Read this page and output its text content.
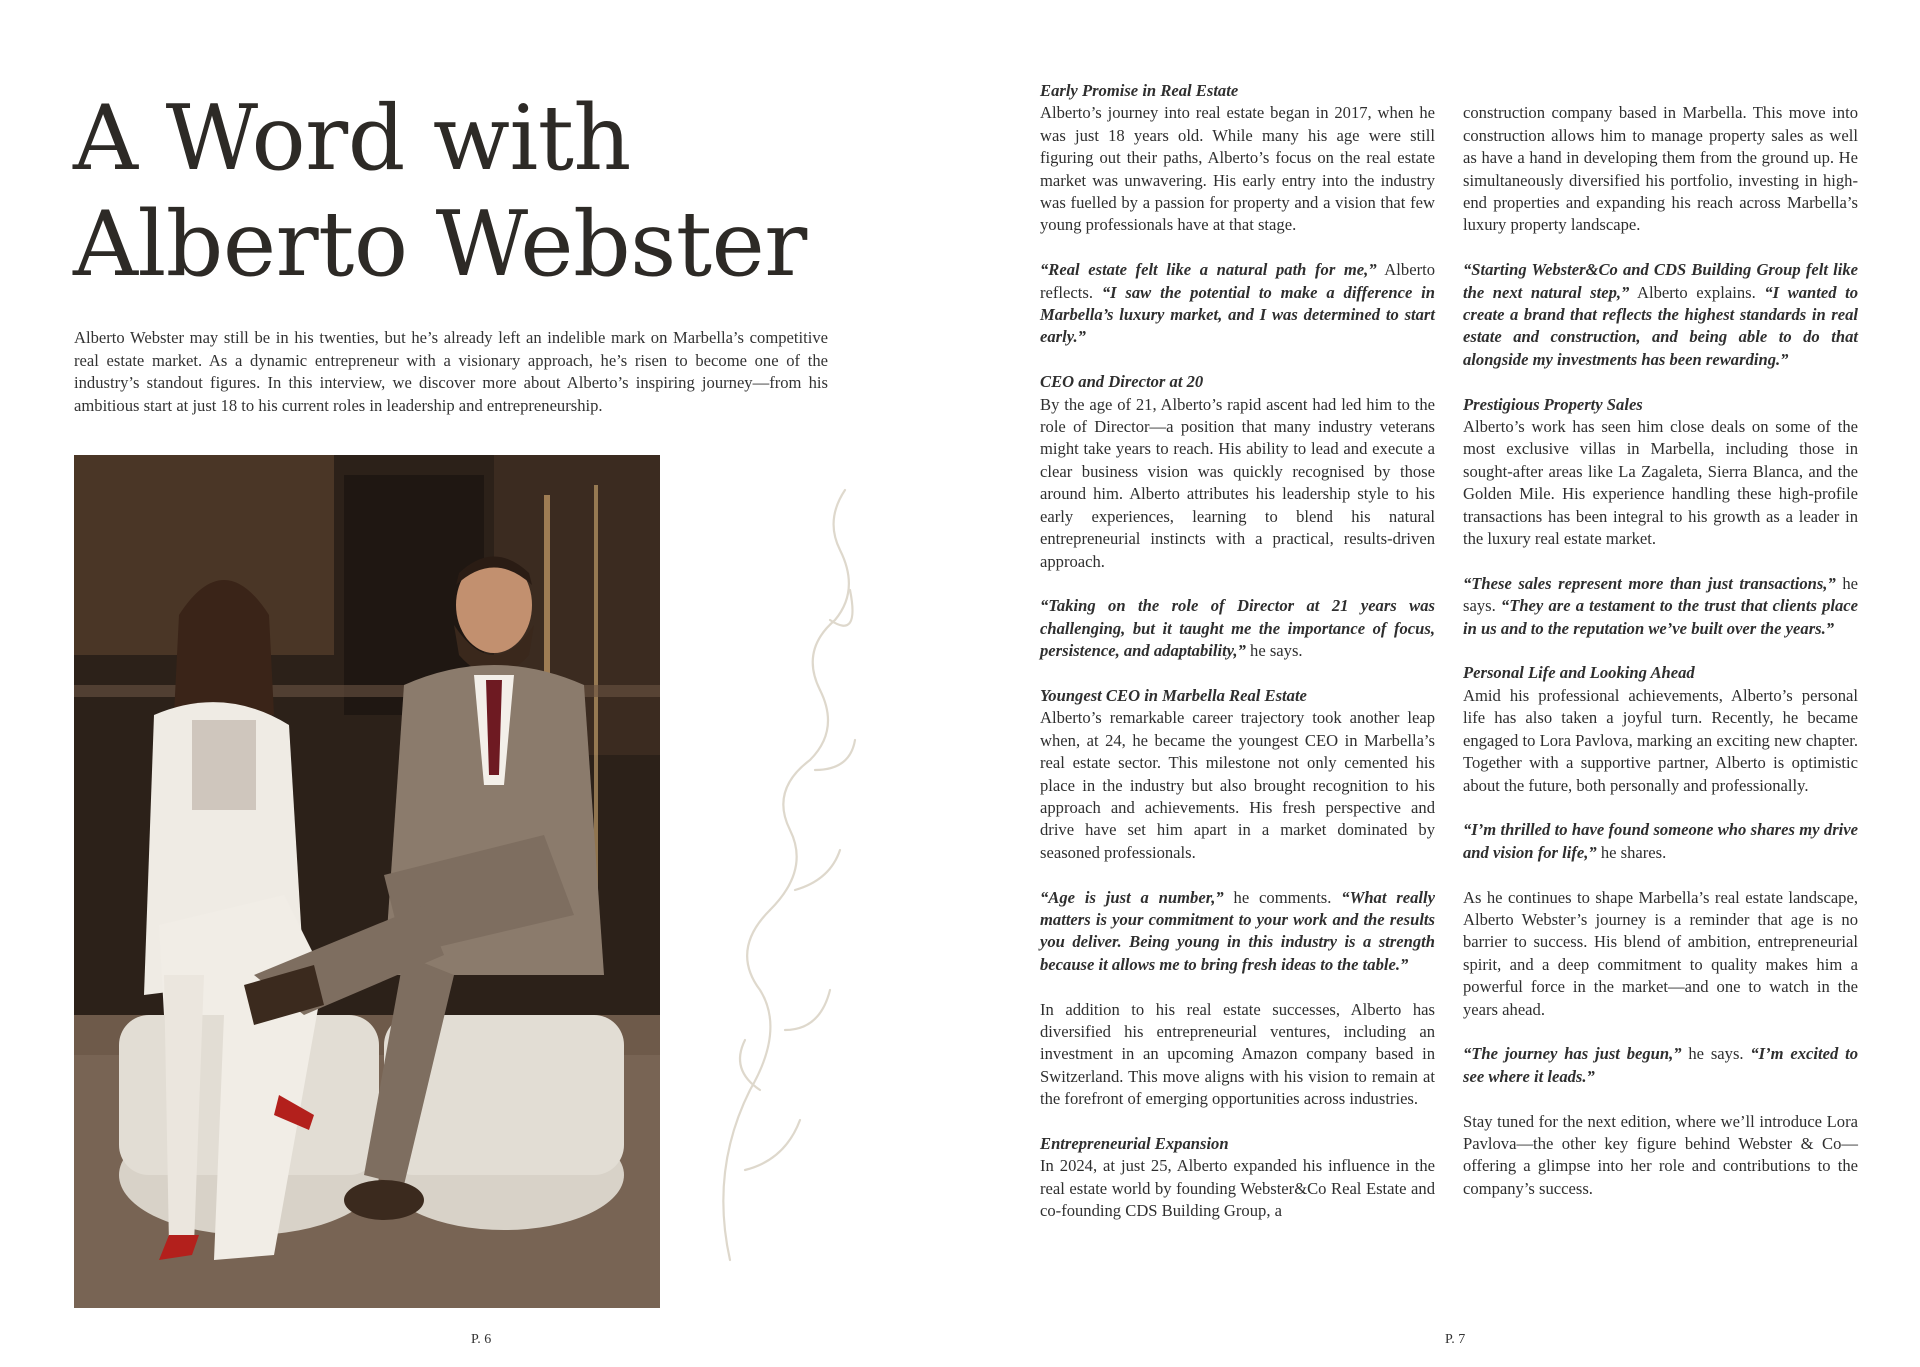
A Word with
Alberto Webster

Alberto Webster may still be in his twenties, but he’s already left an indelible mark on Marbella’s competitive real estate market. As a dynamic entrepreneur with a visionary approach, he’s risen to become one of the industry’s standout figures. In this interview, we discover more about Alberto’s inspiring journey—from his ambitious start at just 18 to his current roles in leadership and entrepreneurship.

P. 6
Early Promise in Real Estate

Alberto’s journey into real estate began in 2017, when he was just 18 years old. While many his age were still figuring out their paths, Alberto’s focus on the real estate market was unwavering. His early entry into the industry was fuelled by a passion for property and a vision that few young professionals have at that stage.

“Real estate felt like a natural path for me,” Alberto reflects. “I saw the potential to make a difference in Marbella’s luxury market, and I was determined to start early.”

CEO and Director at 20

By the age of 21, Alberto’s rapid ascent had led him to the role of Director—a position that many industry veterans might take years to reach. His ability to lead and execute a clear business vision was quickly recognised by those around him. Alberto attributes his leadership style to his early experiences, learning to blend his natural entrepreneurial instincts with a practical, results-driven approach.

“Taking on the role of Director at 21 years was challenging, but it taught me the importance of focus, persistence, and adaptability,” he says.

Youngest CEO in Marbella Real Estate

Alberto’s remarkable career trajectory took another leap when, at 24, he became the youngest CEO in Marbella’s real estate sector. This milestone not only cemented his place in the industry but also brought recognition to his approach and achievements. His fresh perspective and drive have set him apart in a market dominated by seasoned professionals.

“Age is just a number,” he comments. “What really matters is your commitment to your work and the results you deliver. Being young in this industry is a strength because it allows me to bring fresh ideas to the table.”

In addition to his real estate successes, Alberto has diversified his entrepreneurial ventures, including an investment in an upcoming Amazon company based in Switzerland. This move aligns with his vision to remain at the forefront of emerging opportunities across industries.

Entrepreneurial Expansion

In 2024, at just 25, Alberto expanded his influence in the real estate world by founding Webster&Co Real Estate and co-founding CDS Building Group, a

construction company based in Marbella. This move into construction allows him to manage property sales as well as have a hand in developing them from the ground up. He simultaneously diversified his portfolio, investing in high-end properties and expanding his reach across Marbella’s luxury property landscape.

“Starting Webster&Co and CDS Building Group felt like the next natural step,” Alberto explains. “I wanted to create a brand that reflects the highest standards in real estate and construction, and being able to do that alongside my investments has been rewarding.”

Prestigious Property Sales

Alberto’s work has seen him close deals on some of the most exclusive villas in Marbella, including those in sought-after areas like La Zagaleta, Sierra Blanca, and the Golden Mile. His experience handling these high-profile transactions has been integral to his growth as a leader in the luxury real estate market.

“These sales represent more than just transactions,” he says. “They are a testament to the trust that clients place in us and to the reputation we’ve built over the years.”

Personal Life and Looking Ahead

Amid his professional achievements, Alberto’s personal life has also taken a joyful turn. Recently, he became engaged to Lora Pavlova, marking an exciting new chapter. Together with a supportive partner, Alberto is optimistic about the future, both personally and professionally.

“I’m thrilled to have found someone who shares my drive and vision for life,” he shares.

As he continues to shape Marbella’s real estate landscape, Alberto Webster’s journey is a reminder that age is no barrier to success. His blend of ambition, entrepreneurial spirit, and a deep commitment to quality makes him a powerful force in the market—and one to watch in the years ahead.

“The journey has just begun,” he says. “I’m excited to see where it leads.”

Stay tuned for the next edition, where we’ll introduce Lora Pavlova—the other key figure behind Webster & Co—offering a glimpse into her role and contributions to the company’s success.

P. 7
